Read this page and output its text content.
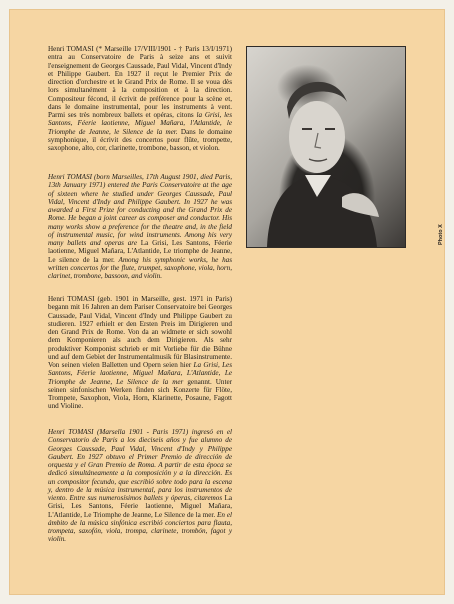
Henri TOMASI (* Marseille 17/VIII/1901 - † Paris 13/I/1971) entra au Conservatoire de Paris à seize ans et suivit l'enseignement de Georges Caussade, Paul Vidal, Vincent d'Indy et Philippe Gaubert. En 1927 il reçut le Premier Prix de direction d'orchestre et le Grand Prix de Rome. Il se voua dès lors simultanément à la composition et à la direction. Compositeur fécond, il écrivit de préférence pour la scène et, dans le domaine instrumental, pour les instruments à vent. Parmi ses très nombreux ballets et opéras, citons la Grisi, les Santons, Féerie laotienne, Miguel Mañara, l'Atlantide, le Triomphe de Jeanne, le Silence de la mer. Dans le domaine symphonique, il écrivit des concertos pour flûte, trompette, saxophone, alto, cor, clarinette, trombone, basson, et violon.

Henri TOMASI (born Marseilles, 17th August 1901, died Paris, 13th January 1971) entered the Paris Conservatoire at the age of sixteen where he studied under Georges Caussade, Paul Vidal, Vincent d'Indy and Philippe Gaubert. In 1927 he was awarded a First Prize for conducting and the Grand Prix de Rome. He began a joint career as composer and conductor. His many works show a preference for the theatre and, in the field of instrumental music, for wind instruments. Among his very many ballets and operas are La Grisi, Les Santons, Féerie laotienne, Miguel Mañara, L'Atlantide, Le triomphe de Jeanne, Le silence de la mer. Among his symphonic works, he has written concertos for the flute, trumpet, saxophone, viola, horn, clarinet, trombone, bassoon, and violin.

Henri TOMASI (geb. 1901 in Marseille, gest. 1971 in Paris) begann mit 16 Jahren an dem Pariser Conservatoire bei Georges Caussade, Paul Vidal, Vincent d'Indy und Philippe Gaubert zu studieren. 1927 erhielt er den Ersten Preis im Dirigieren und den Grand Prix de Rome. Von da an widmete er sich sowohl dem Komponieren als auch dem Dirigieren. Als sehr produktiver Komponist schrieb er mit Vorliebe für die Bühne und auf dem Gebiet der Instrumentalmusik für Blasinstrumente. Von seinen vielen Balletten und Opern seien hier La Grisi, Les Santons, Féerie laotienne, Miguel Mañara, L'Atlantide, Le Triomphe de Jeanne, Le Silence de la mer genannt. Unter seinen sinfonischen Werken finden sich Konzerte für Flöte, Trompete, Saxophon, Viola, Horn, Klarinette, Posaune, Fagott und Violine.

Henri TOMASI (Marsella 1901 - Paris 1971) ingresó en el Conservatorio de Paris a los dieciseis años y fue alumno de Georges Caussade, Paul Vidal, Vincent d'Indy y Philippe Gaubert. En 1927 obtuvo el Primer Premio de dirección de orquesta y el Gran Premio de Roma. A partir de esta época se dedicó simultáneamente a la composición y a la dirección. Es un compositor fecundo, que escribió sobre todo para la escena y, dentro de la música instrumental, para los instrumentos de viento. Entre sus numerosísimos ballets y óperas, citaremos La Grisi, Les Santons, Féerie laotienne, Miguel Mañara, L'Atlantide, Le Triomphe de Jeanne, Le Silence de la mer. En el ámbito de la música sinfónica escribió conciertos para flauta, trompeta, saxofón, viola, trompa, clarinete, trombón, fagot y violin.

Photo X
